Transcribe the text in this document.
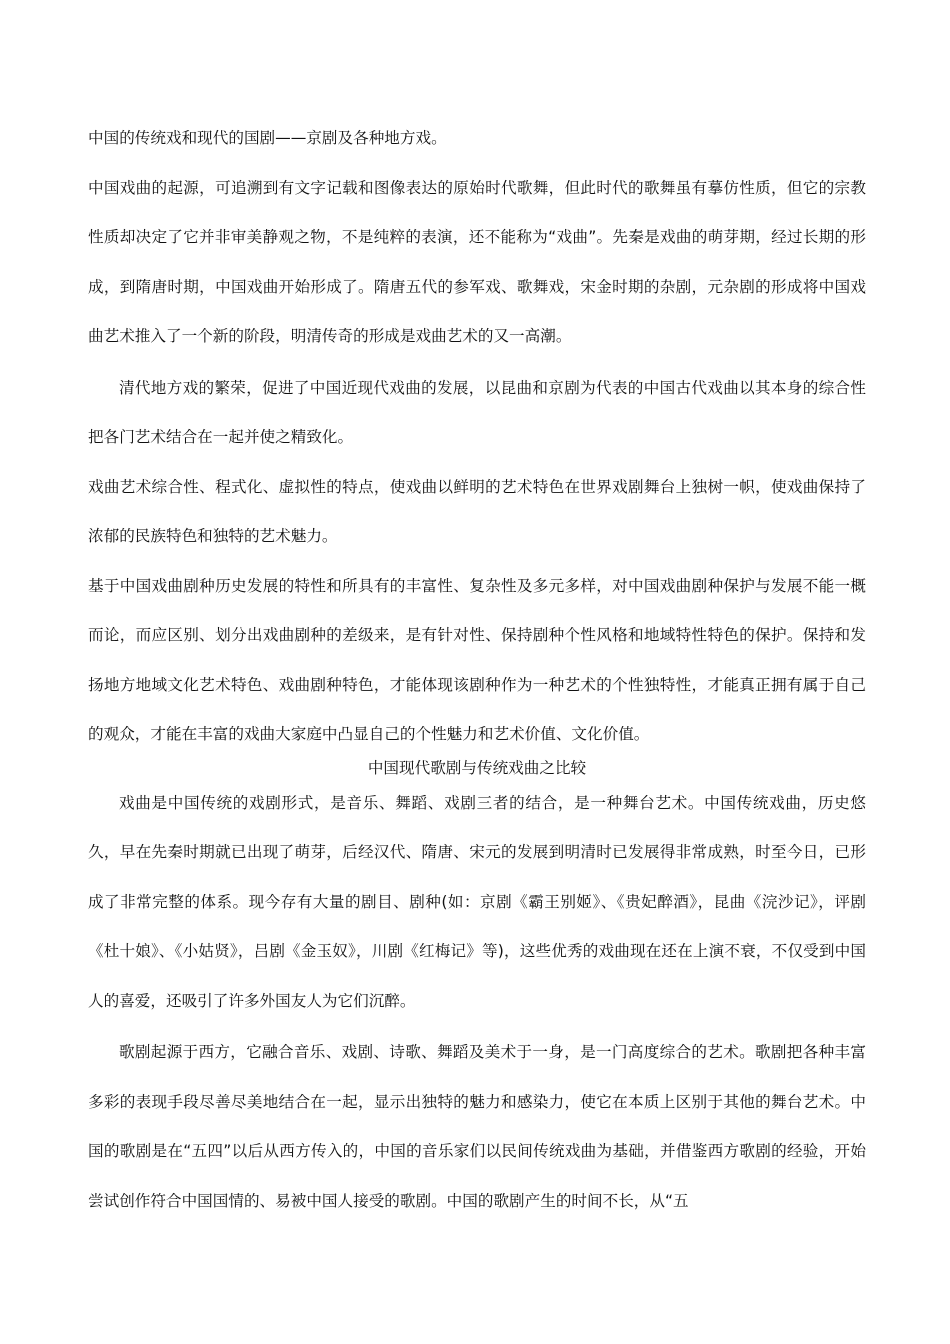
中国的传统戏和现代的国剧——京剧及各种地方戏。

中国戏曲的起源，可追溯到有文字记载和图像表达的原始时代歌舞，但此时代的歌舞虽有摹仿性质，但它的宗教性质却决定了它并非审美静观之物，不是纯粹的表演，还不能称为“戏曲”。先秦是戏曲的萌芽期，经过长期的形成，到隋唐时期，中国戏曲开始形成了。隋唐五代的参军戏、歌舞戏，宋金时期的杂剧，元杂剧的形成将中国戏曲艺术推入了一个新的阶段，明清传奇的形成是戏曲艺术的又一高潮。

清代地方戏的繁荣，促进了中国近现代戏曲的发展，以昆曲和京剧为代表的中国古代戏曲以其本身的综合性把各门艺术结合在一起并使之精致化。

戏曲艺术综合性、程式化、虚拟性的特点，使戏曲以鲜明的艺术特色在世界戏剧舞台上独树一帜，使戏曲保持了浓郁的民族特色和独特的艺术魅力。

基于中国戏曲剧种历史发展的特性和所具有的丰富性、复杂性及多元多样，对中国戏曲剧种保护与发展不能一概而论，而应区别、划分出戏曲剧种的差级来，是有针对性、保持剧种个性风格和地域特性特色的保护。保持和发扬地方地域文化艺术特色、戏曲剧种特色，才能体现该剧种作为一种艺术的个性独特性，才能真正拥有属于自己的观众，才能在丰富的戏曲大家庭中凸显自己的个性魅力和艺术价值、文化价值。

中国现代歌剧与传统戏曲之比较

戏曲是中国传统的戏剧形式，是音乐、舞蹈、戏剧三者的结合，是一种舞台艺术。中国传统戏曲，历史悠久，早在先秦时期就已出现了萌芽，后经汉代、隋唐、宋元的发展到明清时已发展得非常成熟，时至今日，已形成了非常完整的体系。现今存有大量的剧目、剧种(如：京剧《霸王别姬》、《贵妃醉酒》，昆曲《浣沙记》，评剧《杜十娘》、《小姑贤》，吕剧《金玉奴》，川剧《红梅记》等)，这些优秀的戏曲现在还在上演不衰，不仅受到中国人的喜爱，还吸引了许多外国友人为它们沉醉。

歌剧起源于西方，它融合音乐、戏剧、诗歌、舞蹈及美术于一身，是一门高度综合的艺术。歌剧把各种丰富多彩的表现手段尽善尽美地结合在一起，显示出独特的魅力和感染力，使它在本质上区别于其他的舞台艺术。中国的歌剧是在“五四”以后从西方传入的，中国的音乐家们以民间传统戏曲为基础，并借鉴西方歌剧的经验，开始尝试创作符合中国国情的、易被中国人接受的歌剧。中国的歌剧产生的时间不长，从“五
